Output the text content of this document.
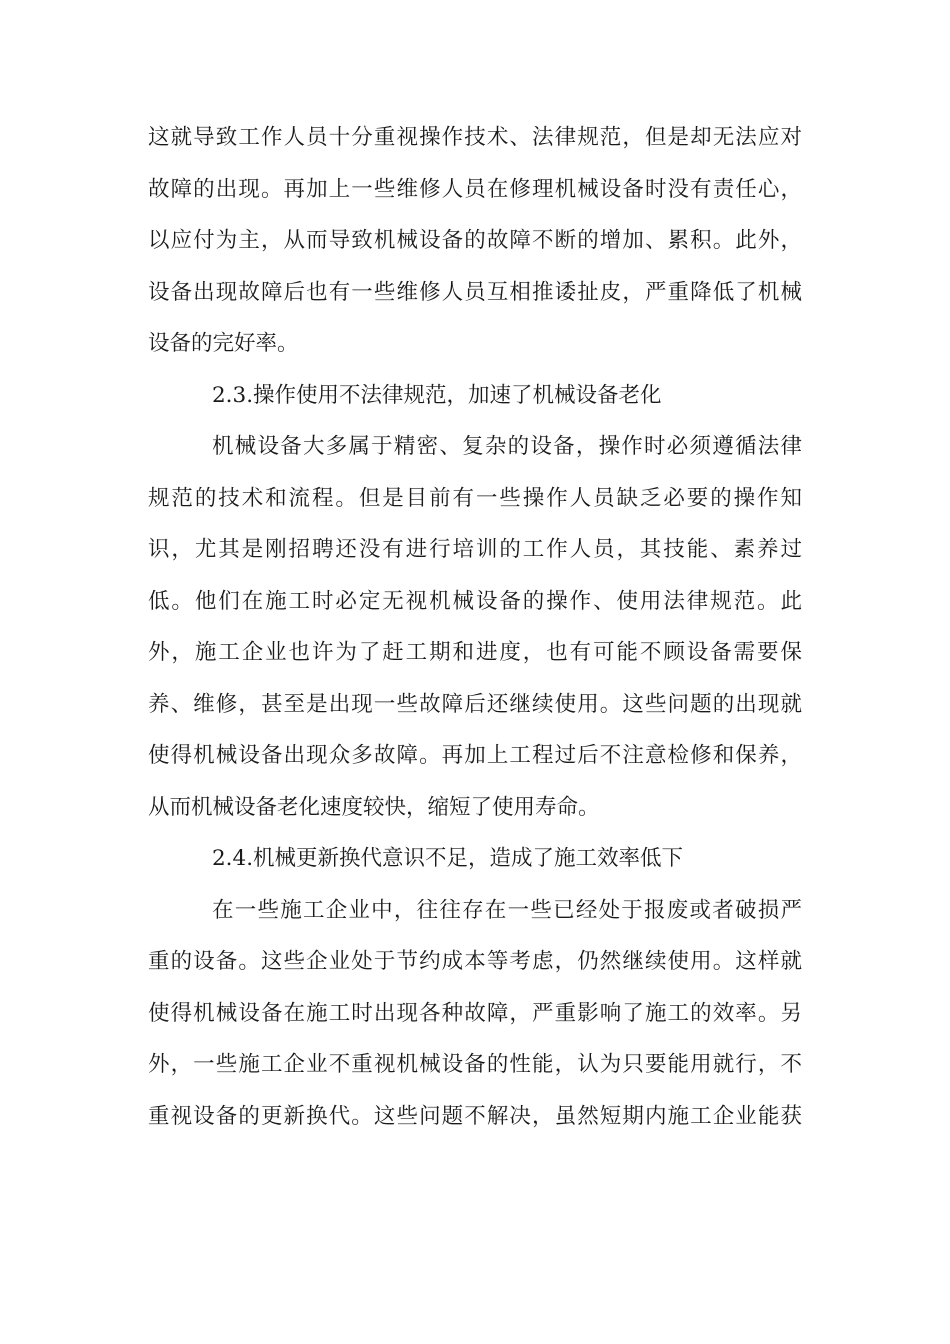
这就导致工作人员十分重视操作技术、法律规范，但是却无法应对
故障的出现。再加上一些维修人员在修理机械设备时没有责任心，
以应付为主，从而导致机械设备的故障不断的增加、累积。此外，
设备出现故障后也有一些维修人员互相推诿扯皮，严重降低了机械
设备的完好率。
2.3.操作使用不法律规范，加速了机械设备老化
机械设备大多属于精密、复杂的设备，操作时必须遵循法律
规范的技术和流程。但是目前有一些操作人员缺乏必要的操作知
识，尤其是刚招聘还没有进行培训的工作人员，其技能、素养过
低。他们在施工时必定无视机械设备的操作、使用法律规范。此
外，施工企业也许为了赶工期和进度，也有可能不顾设备需要保
养、维修，甚至是出现一些故障后还继续使用。这些问题的出现就
使得机械设备出现众多故障。再加上工程过后不注意检修和保养，
从而机械设备老化速度较快，缩短了使用寿命。
2.4.机械更新换代意识不足，造成了施工效率低下
在一些施工企业中，往往存在一些已经处于报废或者破损严
重的设备。这些企业处于节约成本等考虑，仍然继续使用。这样就
使得机械设备在施工时出现各种故障，严重影响了施工的效率。另
外，一些施工企业不重视机械设备的性能，认为只要能用就行，不
重视设备的更新换代。这些问题不解决，虽然短期内施工企业能获
